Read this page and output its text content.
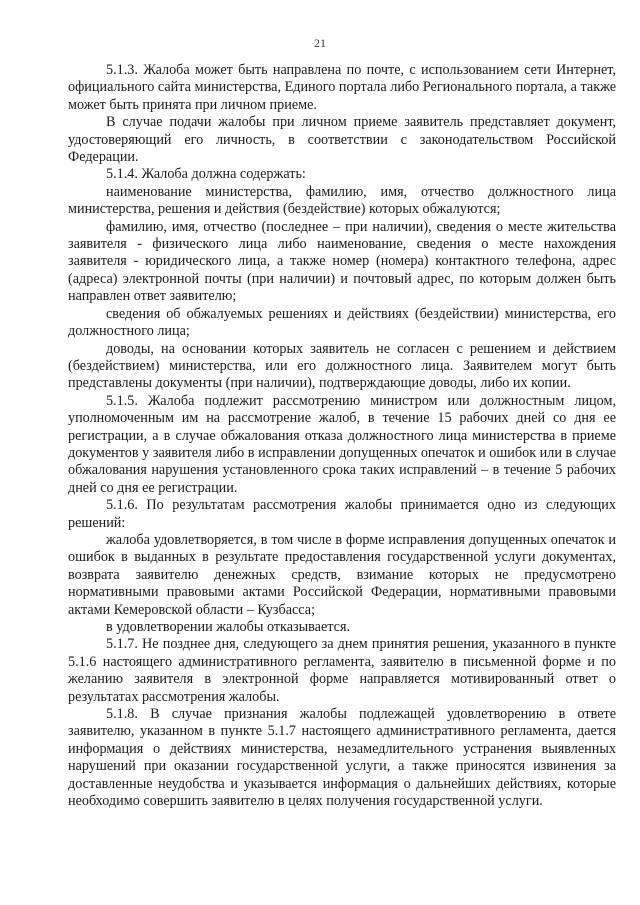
21

5.1.3. Жалоба может быть направлена по почте, с использованием сети Интернет, официального сайта министерства, Единого портала либо Регионального портала, а также может быть принята при личном приеме.

В случае подачи жалобы при личном приеме заявитель представляет документ, удостоверяющий его личность, в соответствии с законодательством Российской Федерации.

5.1.4. Жалоба должна содержать:

наименование министерства, фамилию, имя, отчество должностного лица министерства, решения и действия (бездействие) которых обжалуются;

фамилию, имя, отчество (последнее – при наличии), сведения о месте жительства заявителя - физического лица либо наименование, сведения о месте нахождения заявителя - юридического лица, а также номер (номера) контактного телефона, адрес (адреса) электронной почты (при наличии) и почтовый адрес, по которым должен быть направлен ответ заявителю;

сведения об обжалуемых решениях и действиях (бездействии) министерства, его должностного лица;

доводы, на основании которых заявитель не согласен с решением и действием (бездействием) министерства, или его должностного лица. Заявителем могут быть представлены документы (при наличии), подтверждающие доводы, либо их копии.

5.1.5. Жалоба подлежит рассмотрению министром или должностным лицом, уполномоченным им на рассмотрение жалоб, в течение 15 рабочих дней со дня ее регистрации, а в случае обжалования отказа должностного лица министерства в приеме документов у заявителя либо в исправлении допущенных опечаток и ошибок или в случае обжалования нарушения установленного срока таких исправлений – в течение 5 рабочих дней со дня ее регистрации.

5.1.6. По результатам рассмотрения жалобы принимается одно из следующих решений:

жалоба удовлетворяется, в том числе в форме исправления допущенных опечаток и ошибок в выданных в результате предоставления государственной услуги документах, возврата заявителю денежных средств, взимание которых не предусмотрено нормативными правовыми актами Российской Федерации, нормативными правовыми актами Кемеровской области – Кузбасса;

в удовлетворении жалобы отказывается.

5.1.7. Не позднее дня, следующего за днем принятия решения, указанного в пункте 5.1.6 настоящего административного регламента, заявителю в письменной форме и по желанию заявителя в электронной форме направляется мотивированный ответ о результатах рассмотрения жалобы.

5.1.8. В случае признания жалобы подлежащей удовлетворению в ответе заявителю, указанном в пункте 5.1.7 настоящего административного регламента, дается информация о действиях министерства, незамедлительного устранения выявленных нарушений при оказании государственной услуги, а также приносятся извинения за доставленные неудобства и указывается информация о дальнейших действиях, которые необходимо совершить заявителю в целях получения государственной услуги.
